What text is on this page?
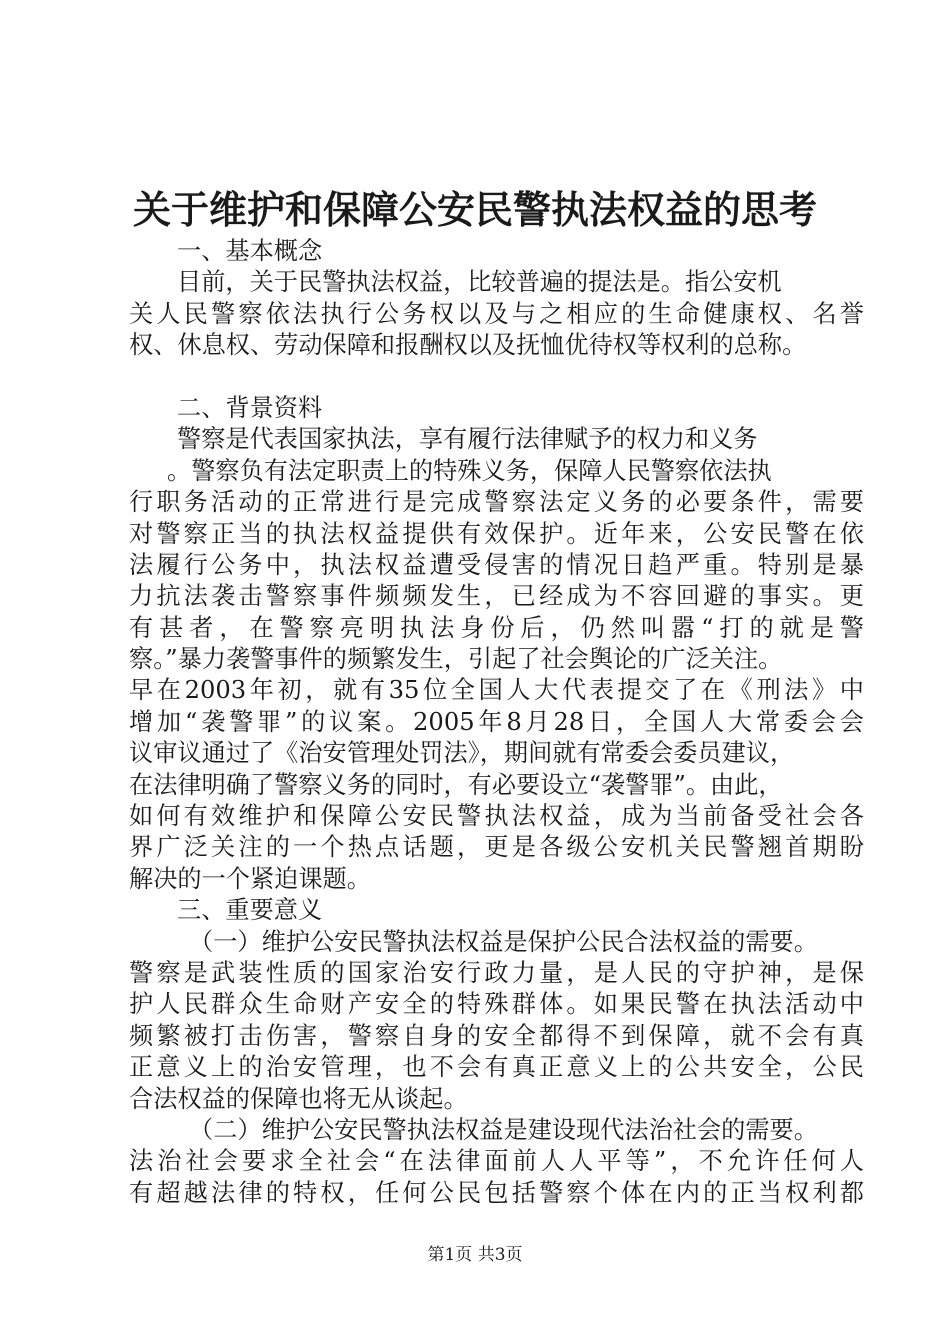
关于维护和保障公安民警执法权益的思考
一、基本概念
目前，关于民警执法权益，比较普遍的提法是。指公安机
关人民警察依法执行公务权以及与之相应的生命健康权、名誉
权、休息权、劳动保障和报酬权以及抚恤优待权等权利的总称。
二、背景资料
警察是代表国家执法，享有履行法律赋予的权力和义务
。警察负有法定职责上的特殊义务，保障人民警察依法执
行职务活动的正常进行是完成警察法定义务的必要条件，需要
对警察正当的执法权益提供有效保护。近年来，公安民警在依
法履行公务中，执法权益遭受侵害的情况日趋严重。特别是暴
力抗法袭击警察事件频频发生，已经成为不容回避的事实。更
有甚者，在警察亮明执法身份后，仍然叫嚣“打的就是警
察。”暴力袭警事件的频繁发生，引起了社会舆论的广泛关注。
早在2003年初，就有35位全国人大代表提交了在《刑法》中
增加“袭警罪”的议案。2005年8月28日，全国人大常委会会
议审议通过了《治安管理处罚法》，期间就有常委会委员建议，
在法律明确了警察义务的同时，有必要设立“袭警罪”。由此，
如何有效维护和保障公安民警执法权益，成为当前备受社会各
界广泛关注的一个热点话题，更是各级公安机关民警翘首期盼
解决的一个紧迫课题。
三、重要意义
（一）维护公安民警执法权益是保护公民合法权益的需要。
警察是武装性质的国家治安行政力量，是人民的守护神，是保
护人民群众生命财产安全的特殊群体。如果民警在执法活动中
频繁被打击伤害，警察自身的安全都得不到保障，就不会有真
正意义上的治安管理，也不会有真正意义上的公共安全，公民
合法权益的保障也将无从谈起。
（二）维护公安民警执法权益是建设现代法治社会的需要。
法治社会要求全社会“在法律面前人人平等”，不允许任何人
有超越法律的特权，任何公民包括警察个体在内的正当权利都
第1页 共3页
